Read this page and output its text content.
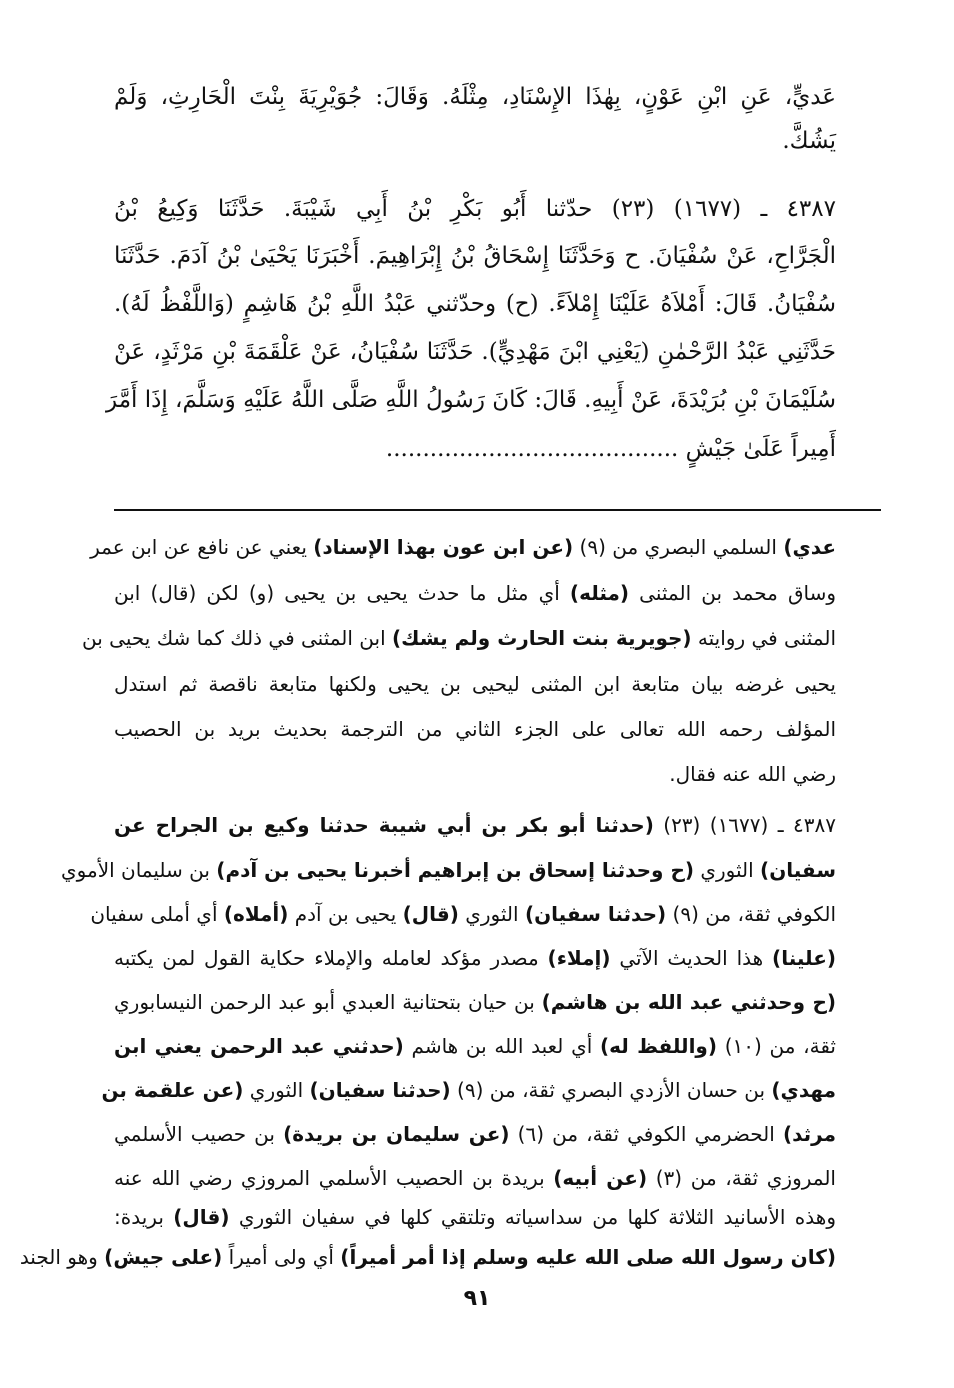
عَديٍّ، عَنِ ابْنِ عَوْنٍ، بِهٰذَا الإِسْنَادِ، مِثْلَهُ. وَقَالَ: جُوَيْرِيَةَ بِنْتَ الْحَارِثِ، وَلَمْ
يَشُكَّ.
٤٣٨٧ ـ (١٦٧٧) (٢٣) حدّثنا أَبُو بَكْرِ بْنُ أَبِي شَيْبَةَ. حَدَّثَنَا وَكِيعُ بْنُ
الْجَرَّاحِ، عَنْ سُفْيَانَ. ح وَحَدَّثَنَا إِسْحَاقُ بْنُ إِبْرَاهِيمَ. أَخْبَرَنَا يَحْيَىٰ بْنُ آدَمَ. حَدَّثَنَا
سُفْيَانُ. قَالَ: أَمْلاَهُ عَلَيْنَا إِمْلاَءً. (ح) وحدّثني عَبْدُ اللَّهِ بْنُ هَاشِمٍ (وَاللَّفْظُ لَهُ).
حَدَّثَنِي عَبْدُ الرَّحْمٰنِ (يَعْنِي ابْنَ مَهْدِيٍّ). حَدَّثَنَا سُفْيَانُ، عَنْ عَلْقَمَةَ بْنِ مَرْثَدٍ، عَنْ
سُلَيْمَانَ بْنِ بُرَيْدَةَ، عَنْ أَبِيهِ. قَالَ: كَانَ رَسُولُ اللَّهِ صَلَّى اللَّهُ عَلَيْهِ وَسَلَّمَ، إِذَا أَمَّرَ
أَمِيراً عَلَىٰ جَيْشٍ ........................................
عدي) السلمي البصري من (٩) (عن ابن عون بهذا الإسناد) يعني عن نافع عن ابن عمر
وساق محمد بن المثنى (مثله) أي مثل ما حدث يحيى بن يحيى (و) لكن (قال) ابن
المثنى في روايته (جويرية بنت الحارث ولم يشك) ابن المثنى في ذلك كما شك يحيى بن
يحيى غرضه بيان متابعة ابن المثنى ليحيى بن يحيى ولكنها متابعة ناقصة ثم استدل
المؤلف رحمه الله تعالى على الجزء الثاني من الترجمة بحديث بريد بن الحصيب
رضي الله عنه فقال.
٤٣٨٧ ـ (١٦٧٧) (٢٣) (حدثنا أبو بكر بن أبي شيبة حدثنا وكيع بن الجراح عن
سفيان) الثوري (ح وحدثنا إسحاق بن إبراهيم أخبرنا يحيى بن آدم) بن سليمان الأموي
الكوفي ثقة، من (٩) (حدثنا سفيان) الثوري (قال) يحيى بن آدم (أملاه) أي أملى سفيان
(علينا) هذا الحديث الآتي (إملاء) مصدر مؤكد لعامله والإملاء حكاية القول لمن يكتبه
(ح وحدثني عبد الله بن هاشم) بن حيان بتحتانية العبدي أبو عبد الرحمن النيسابوري
ثقة، من (١٠) (واللفظ له) أي لعبد الله بن هاشم (حدثني عبد الرحمن يعني ابن
مهدي) بن حسان الأزدي البصري ثقة، من (٩) (حدثنا سفيان) الثوري (عن علقمة بن
مرثد) الحضرمي الكوفي ثقة، من (٦) (عن سليمان بن بريدة) بن حصيب الأسلمي
المروزي ثقة، من (٣) (عن أبيه) بريدة بن الحصيب الأسلمي المروزي رضي الله عنه
وهذه الأسانيد الثلاثة كلها من سداسياته وتلتقي كلها في سفيان الثوري (قال) بريدة:
(كان رسول الله صلى الله عليه وسلم إذا أمر أميراً) أي ولى أميراً (على جيش) وهو الجند
٩١
